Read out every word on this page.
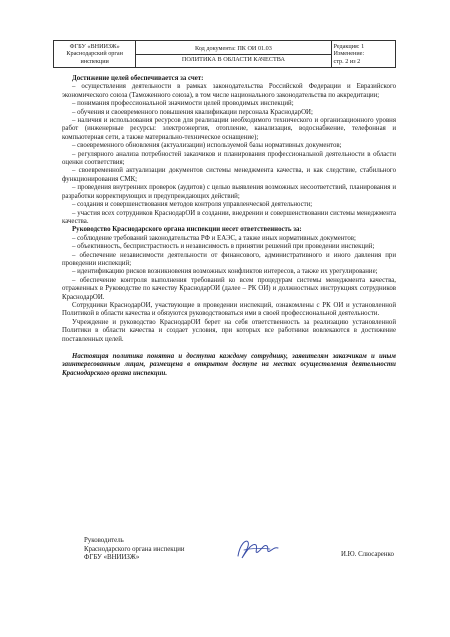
ФГБУ «ВНИИЗЖ»
Краснодарский орган
инспекции

Код документа: ПК ОИ 01.03
ПОЛИТИКА В ОБЛАСТИ КАЧЕСТВА

Редакция: 1
Изменение:
стр. 2 из 2

Достижение целей обеспечивается за счет:

– осуществления деятельности в рамках законодательства Российской Федерации и Евразийского экономического союза (Таможенного союза), в том числе национального законодательства по аккредитации;

– понимания профессиональной значимости целей проводимых инспекций;

– обучения и своевременного повышения квалификации персонала КраснодарОИ;

– наличия и использования ресурсов для реализации необходимого технического и организационного уровня работ (инженерные ресурсы: электроэнергия, отопление, канализация, водоснабжение, телефонная и компьютерная сети, а также материально-техническое оснащение);

– своевременного обновления (актуализации) используемой базы нормативных документов;

– регулярного анализа потребностей заказчиков и планирования профессиональной деятельности в области оценки соответствия;

– своевременной актуализации документов системы менеджмента качества, и как следствие, стабильного функционирования СМК;

– проведения внутренних проверок (аудитов) с целью выявления возможных несоответствий, планирования и разработки корректирующих и предупреждающих действий;

– создания и совершенствования методов контроля управленческой деятельности;

– участия всех сотрудников КраснодарОИ в создании, внедрении и совершенствовании системы менеджмента качества.

Руководство Краснодарского органа инспекции несет ответственность за:

– соблюдение требований законодательства РФ и ЕАЭС, а также иных нормативных документов;

– объективность, беспристрастность и независимость в принятии решений при проведении инспекций;

– обеспечение независимости деятельности от финансового, административного и иного давления при проведении инспекций;

– идентификацию рисков возникновения возможных конфликтов интересов, а также их урегулирование;

– обеспечение контроля выполнения требований ко всем процедурам системы менеджмента качества, отраженных в Руководстве по качеству КраснодарОИ (далее – РК ОИ) и должностных инструкциях сотрудников КраснодарОИ.

Сотрудники КраснодарОИ, участвующие в проведении инспекций, ознакомлены с РК ОИ и установленной Политикой в области качества и обязуются руководствоваться ими в своей профессиональной деятельности.

Учреждение и руководство КраснодарОИ берет на себя ответственность за реализацию установленной Политики в области качества и создает условия, при которых все работники вовлекаются в достижение поставленных целей.

Настоящая политика понятна и доступна каждому сотруднику, заявителям заказчикам и иным заинтересованным лицам, размещена в открытом доступе на местах осуществления деятельности Краснодарского органа инспекции.

Руководитель
Краснодарского органа инспекции
ФГБУ «ВНИИЗЖ»	И.Ю. Слюсаренко
